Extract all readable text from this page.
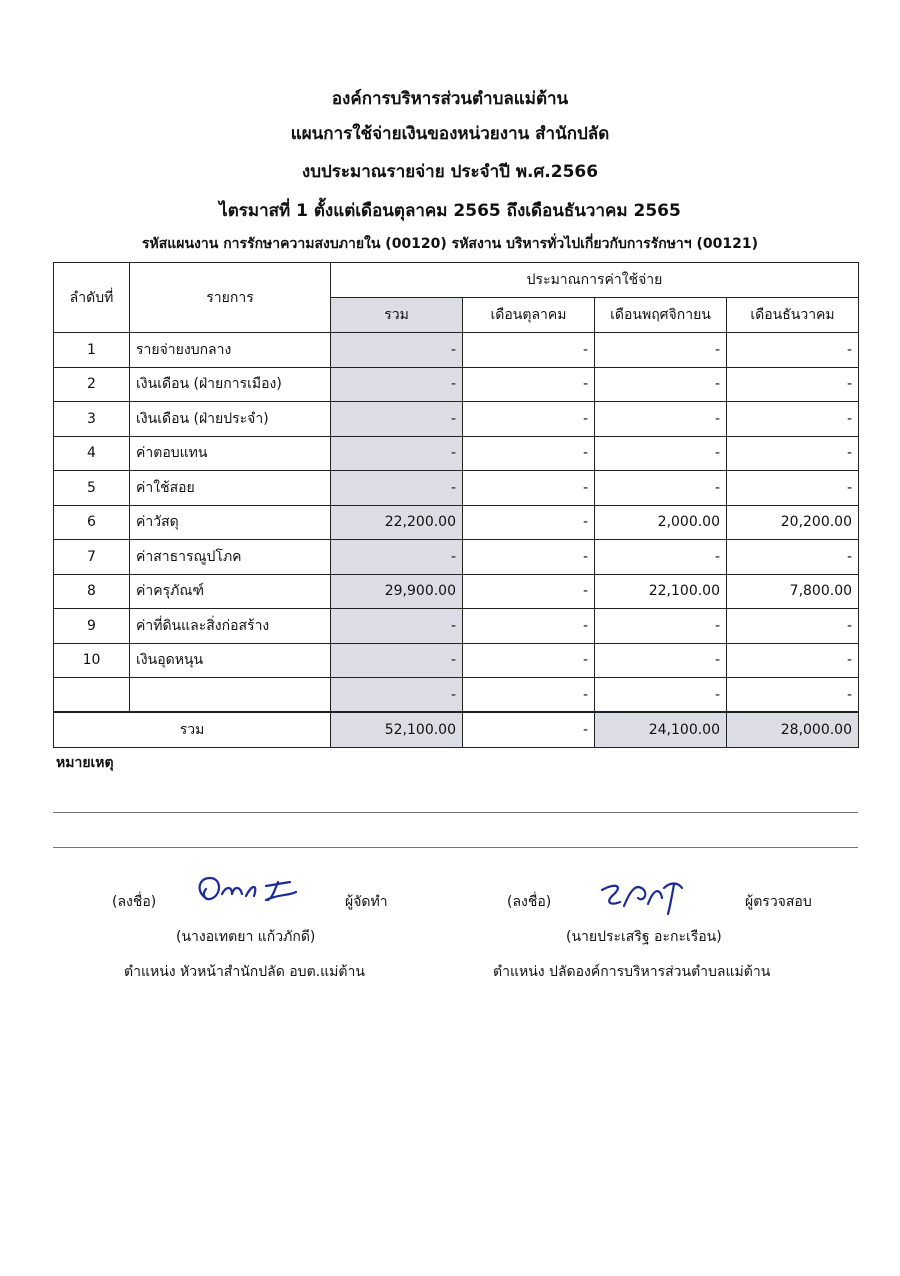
องค์การบริหารส่วนตำบลแม่ต้าน
แผนการใช้จ่ายเงินของหน่วยงาน สำนักปลัด
งบประมาณรายจ่าย ประจำปี พ.ศ.2566
ไตรมาสที่ 1 ตั้งแต่เดือนตุลาคม 2565 ถึงเดือนธันวาคม 2565
รหัสแผนงาน การรักษาความสงบภายใน (00120) รหัสงาน บริหารทั่วไปเกี่ยวกับการรักษาฯ (00121)
ลำดับที่	รายการ	ประมาณการค่าใช้จ่าย			
		รวม	เดือนตุลาคม	เดือนพฤศจิกายน	เดือนธันวาคม
1	รายจ่ายงบกลาง	-	-	-	-
2	เงินเดือน (ฝ่ายการเมือง)	-	-	-	-
3	เงินเดือน (ฝ่ายประจำ)	-	-	-	-
4	ค่าตอบแทน	-	-	-	-
5	ค่าใช้สอย	-	-	-	-
6	ค่าวัสดุ	22,200.00	-	2,000.00	20,200.00
7	ค่าสาธารณูปโภค	-	-	-	-
8	ค่าครุภัณฑ์	29,900.00	-	22,100.00	7,800.00
9	ค่าที่ดินและสิ่งก่อสร้าง	-	-	-	-
10	เงินอุดหนุน	-	-	-	-
		-	-	-	-
รวม		52,100.00	-	24,100.00	28,000.00
หมายเหตุ
(ลงชื่อ)	ผู้จัดทำ
(นางอเทตยา แก้วภักดี)
ตำแหน่ง หัวหน้าสำนักปลัด อบต.แม่ต้าน
(ลงชื่อ)	ผู้ตรวจสอบ
(นายประเสริฐ อะกะเรือน)
ตำแหน่ง ปลัดองค์การบริหารส่วนตำบลแม่ต้าน
